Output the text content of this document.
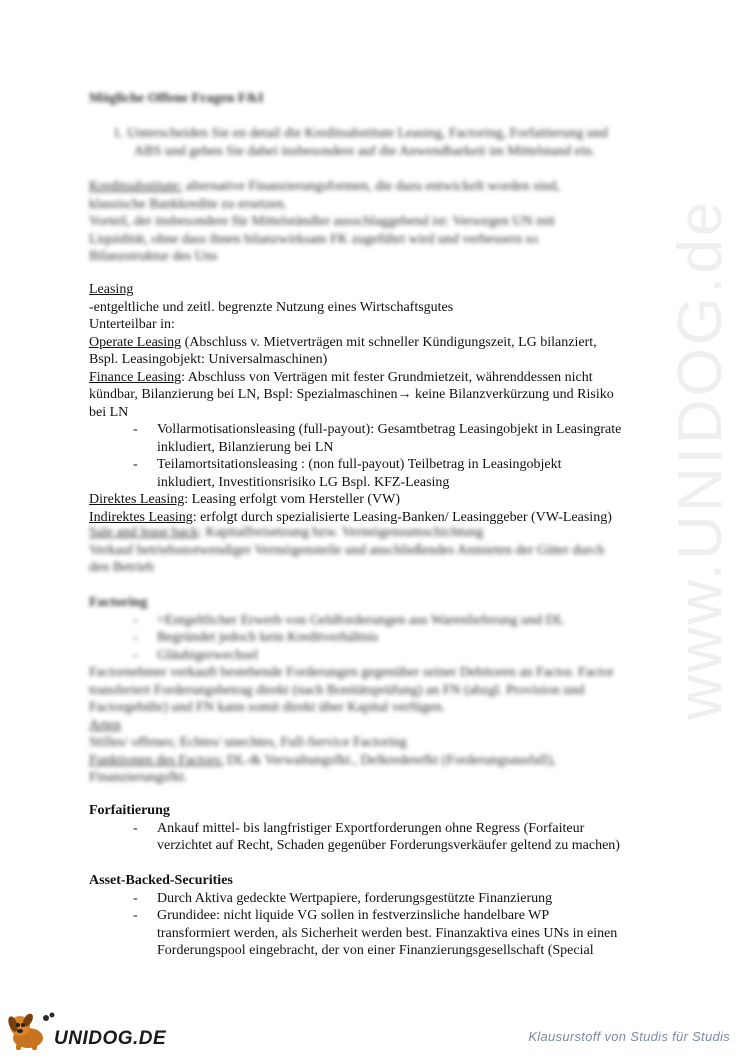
www.UNIDOG.de
Mögliche Offene Fragen F&I
1. Unterscheiden Sie en detail die Kreditsubstitute Leasing, Factoring, Forfaitierung und
ABS und gehen Sie dabei insbesondere auf die Anwendbarkeit im Mittelstand ein.
Kreditsubstitute: alternative Finanzierungsformen, die dazu entwickelt worden sind,
klassische Bankkredite zu ersetzen.
Vorteil, der insbesondere für Mittelständler ausschlaggebend ist: Versorgen UN mit
Liquidität, ohne dass ihnen bilanzwirksam FK zugeführt wird und verbessern so
Bilanzstruktur des Uns
Leasing
-entgeltliche und zeitl. begrenzte Nutzung eines Wirtschaftsgutes
Unterteilbar in:
Operate Leasing (Abschluss v. Mietverträgen mit schneller Kündigungszeit, LG bilanziert,
Bspl. Leasingobjekt: Universalmaschinen)
Finance Leasing: Abschluss von Verträgen mit fester Grundmietzeit, währenddessen nicht
kündbar, Bilanzierung bei LN, Bspl: Spezialmaschinen→ keine Bilanzverkürzung und Risiko
bei LN
- Vollarmotisationsleasing (full-payout): Gesamtbetrag Leasingobjekt in Leasingrate
inkludiert, Bilanzierung bei LN
- Teilamortsitationsleasing : (non full-payout) Teilbetrag in Leasingobjekt
inkludiert, Investitionsrisiko LG Bspl. KFZ-Leasing
Direktes Leasing: Leasing erfolgt vom Hersteller (VW)
Indirektes Leasing: erfolgt durch spezialisierte Leasing-Banken/ Leasinggeber (VW-Leasing)
Sale and lease back: Kapitalfreisetzung bzw. Vermögensumschichtung
Verkauf betriebsnotwendiger Vermögensteile und anschließendes Anmieten der Güter durch
den Betrieb
Factoring
- =Entgeltlicher Erwerb von Geldforderungen aus Warenlieferung und DL
- Begründet jedoch kein Kreditverhältnis
- Gläubigerwechsel
Factornehmer verkauft bestehende Forderungen gegenüber seiner Debitoren an Factor. Factor
transferiert Forderungsbetrag direkt (nach Bonitätsprüfung) an FN (abzgl. Provision und
Factorgebühr) und FN kann somit direkt über Kapital verfügen.
Arten
Stilles/ offenes; Echtes/ unechtes, Full-Service Factoring
Funktionen des Factors: DL-& Verwaltungsfkt., Delkrederefkt (Forderungsausfall),
Finanzierungsfkt.
Forfaitierung
- Ankauf mittel- bis langfristiger Exportforderungen ohne Regress (Forfaiteur
verzichtet auf Recht, Schaden gegenüber Forderungsverkäufer geltend zu machen)
Asset-Backed-Securities
- Durch Aktiva gedeckte Wertpapiere, forderungsgestützte Finanzierung
- Grundidee: nicht liquide VG sollen in festverzinsliche handelbare WP
transformiert werden, als Sicherheit werden best. Finanzaktiva eines UNs in einen
Forderungspool eingebracht, der von einer Finanzierungsgesellschaft (Special
UNIDOG.DE	Klausurstoff von Studis für Studis
